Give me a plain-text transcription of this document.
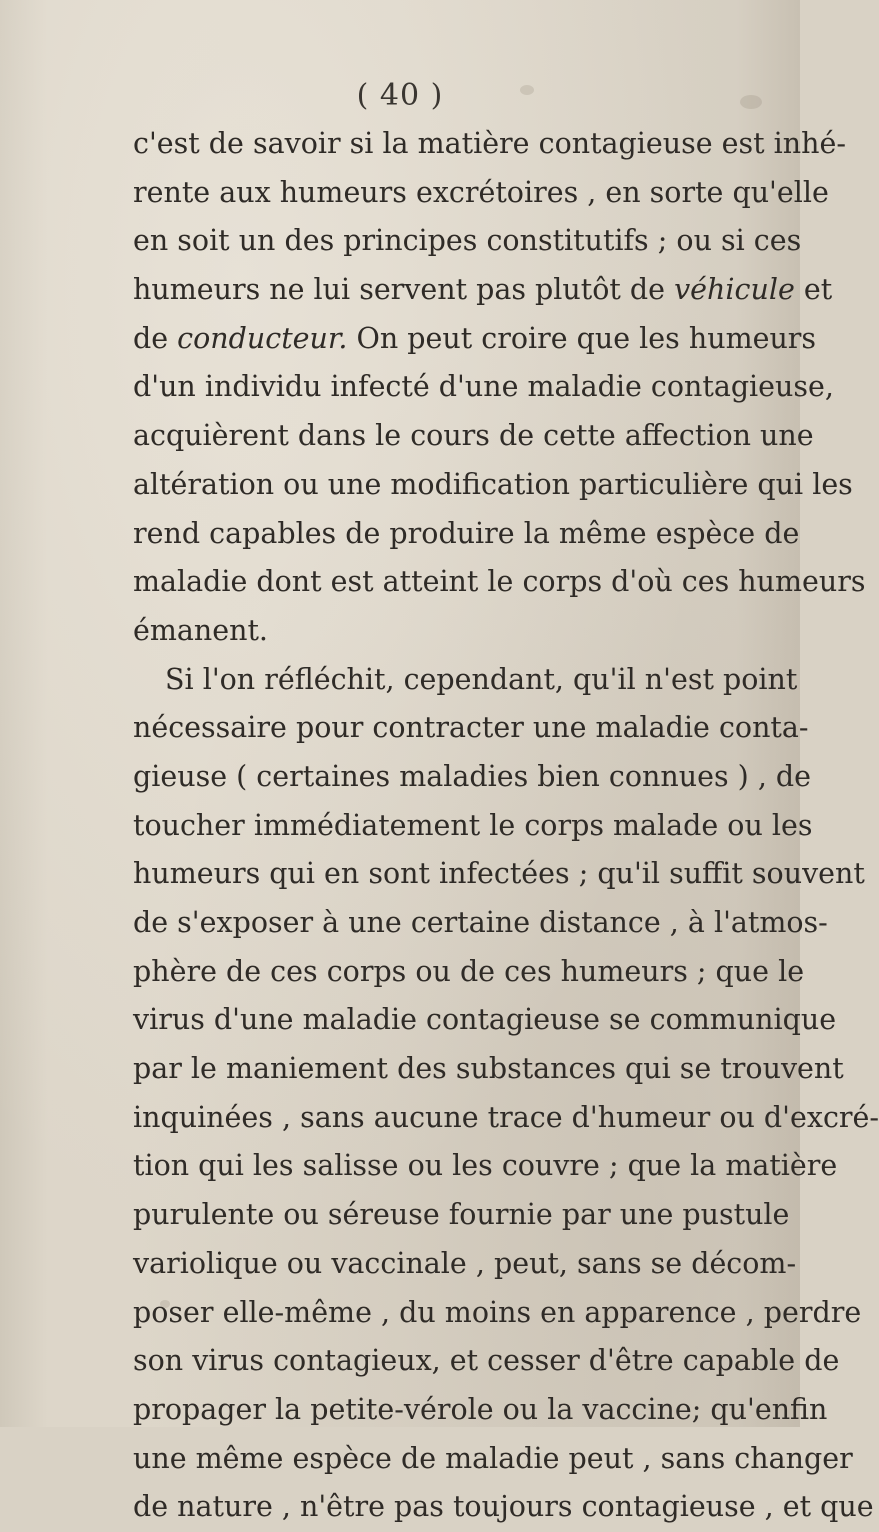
( 40 )
c'est de savoir si la matière contagieuse est inhé-
rente aux humeurs excrétoires , en sorte qu'elle
en soit un des principes constitutifs ; ou si ces
humeurs ne lui servent pas plutôt de véhicule et
de conducteur. On peut croire que les humeurs
d'un individu infecté d'une maladie contagieuse,
acquièrent dans le cours de cette affection une
altération ou une modification particulière qui les
rend capables de produire la même espèce de
maladie dont est atteint le corps d'où ces humeurs
émanent.
Si l'on réfléchit, cependant, qu'il n'est point
nécessaire pour contracter une maladie conta-
gieuse ( certaines maladies bien connues ) , de
toucher immédiatement le corps malade ou les
humeurs qui en sont infectées ; qu'il suffit souvent
de s'exposer à une certaine distance , à l'atmos-
phère de ces corps ou de ces humeurs ; que le
virus d'une maladie contagieuse se communique
par le maniement des substances qui se trouvent
inquinées , sans aucune trace d'humeur ou d'excré-
tion qui les salisse ou les couvre ; que la matière
purulente ou séreuse fournie par une pustule
variolique ou vaccinale , peut, sans se décom-
poser elle-même , du moins en apparence , perdre
son virus contagieux, et cesser d'être capable de
propager la petite-vérole ou la vaccine; qu'enfin
une même espèce de maladie peut , sans changer
de nature , n'être pas toujours contagieuse , et que
